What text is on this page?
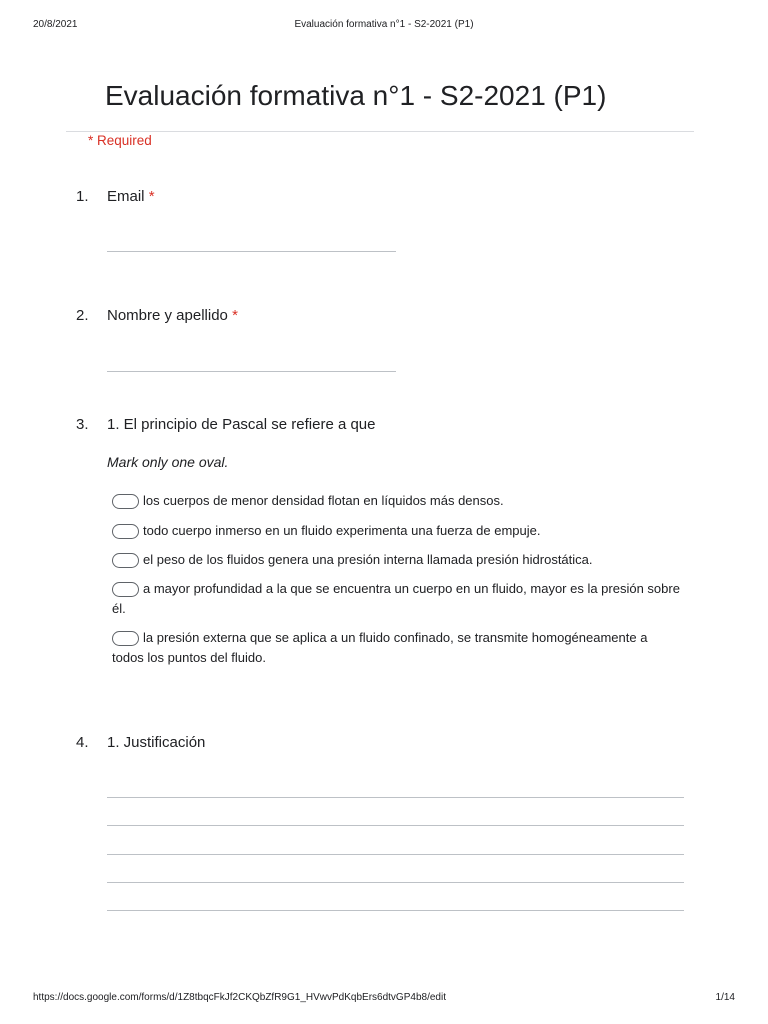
20/8/2021	Evaluación formativa n°1 - S2-2021 (P1)
Evaluación formativa n°1 - S2-2021 (P1)
* Required
1. Email *
2. Nombre y apellido *
3. 1. El principio de Pascal se refiere a que
Mark only one oval.

los cuerpos de menor densidad flotan en líquidos más densos.

todo cuerpo inmerso en un fluido experimenta una fuerza de empuje.

el peso de los fluidos genera una presión interna llamada presión hidrostática.

a mayor profundidad a la que se encuentra un cuerpo en un fluido, mayor es la presión sobre él.

la presión externa que se aplica a un fluido confinado, se transmite homogéneamente a todos los puntos del fluido.

4. 1. Justificación
https://docs.google.com/forms/d/1Z8tbqcFkJf2CKQbZfR9G1_HVwvPdKqbErs6dtvGP4b8/edit	1/14
